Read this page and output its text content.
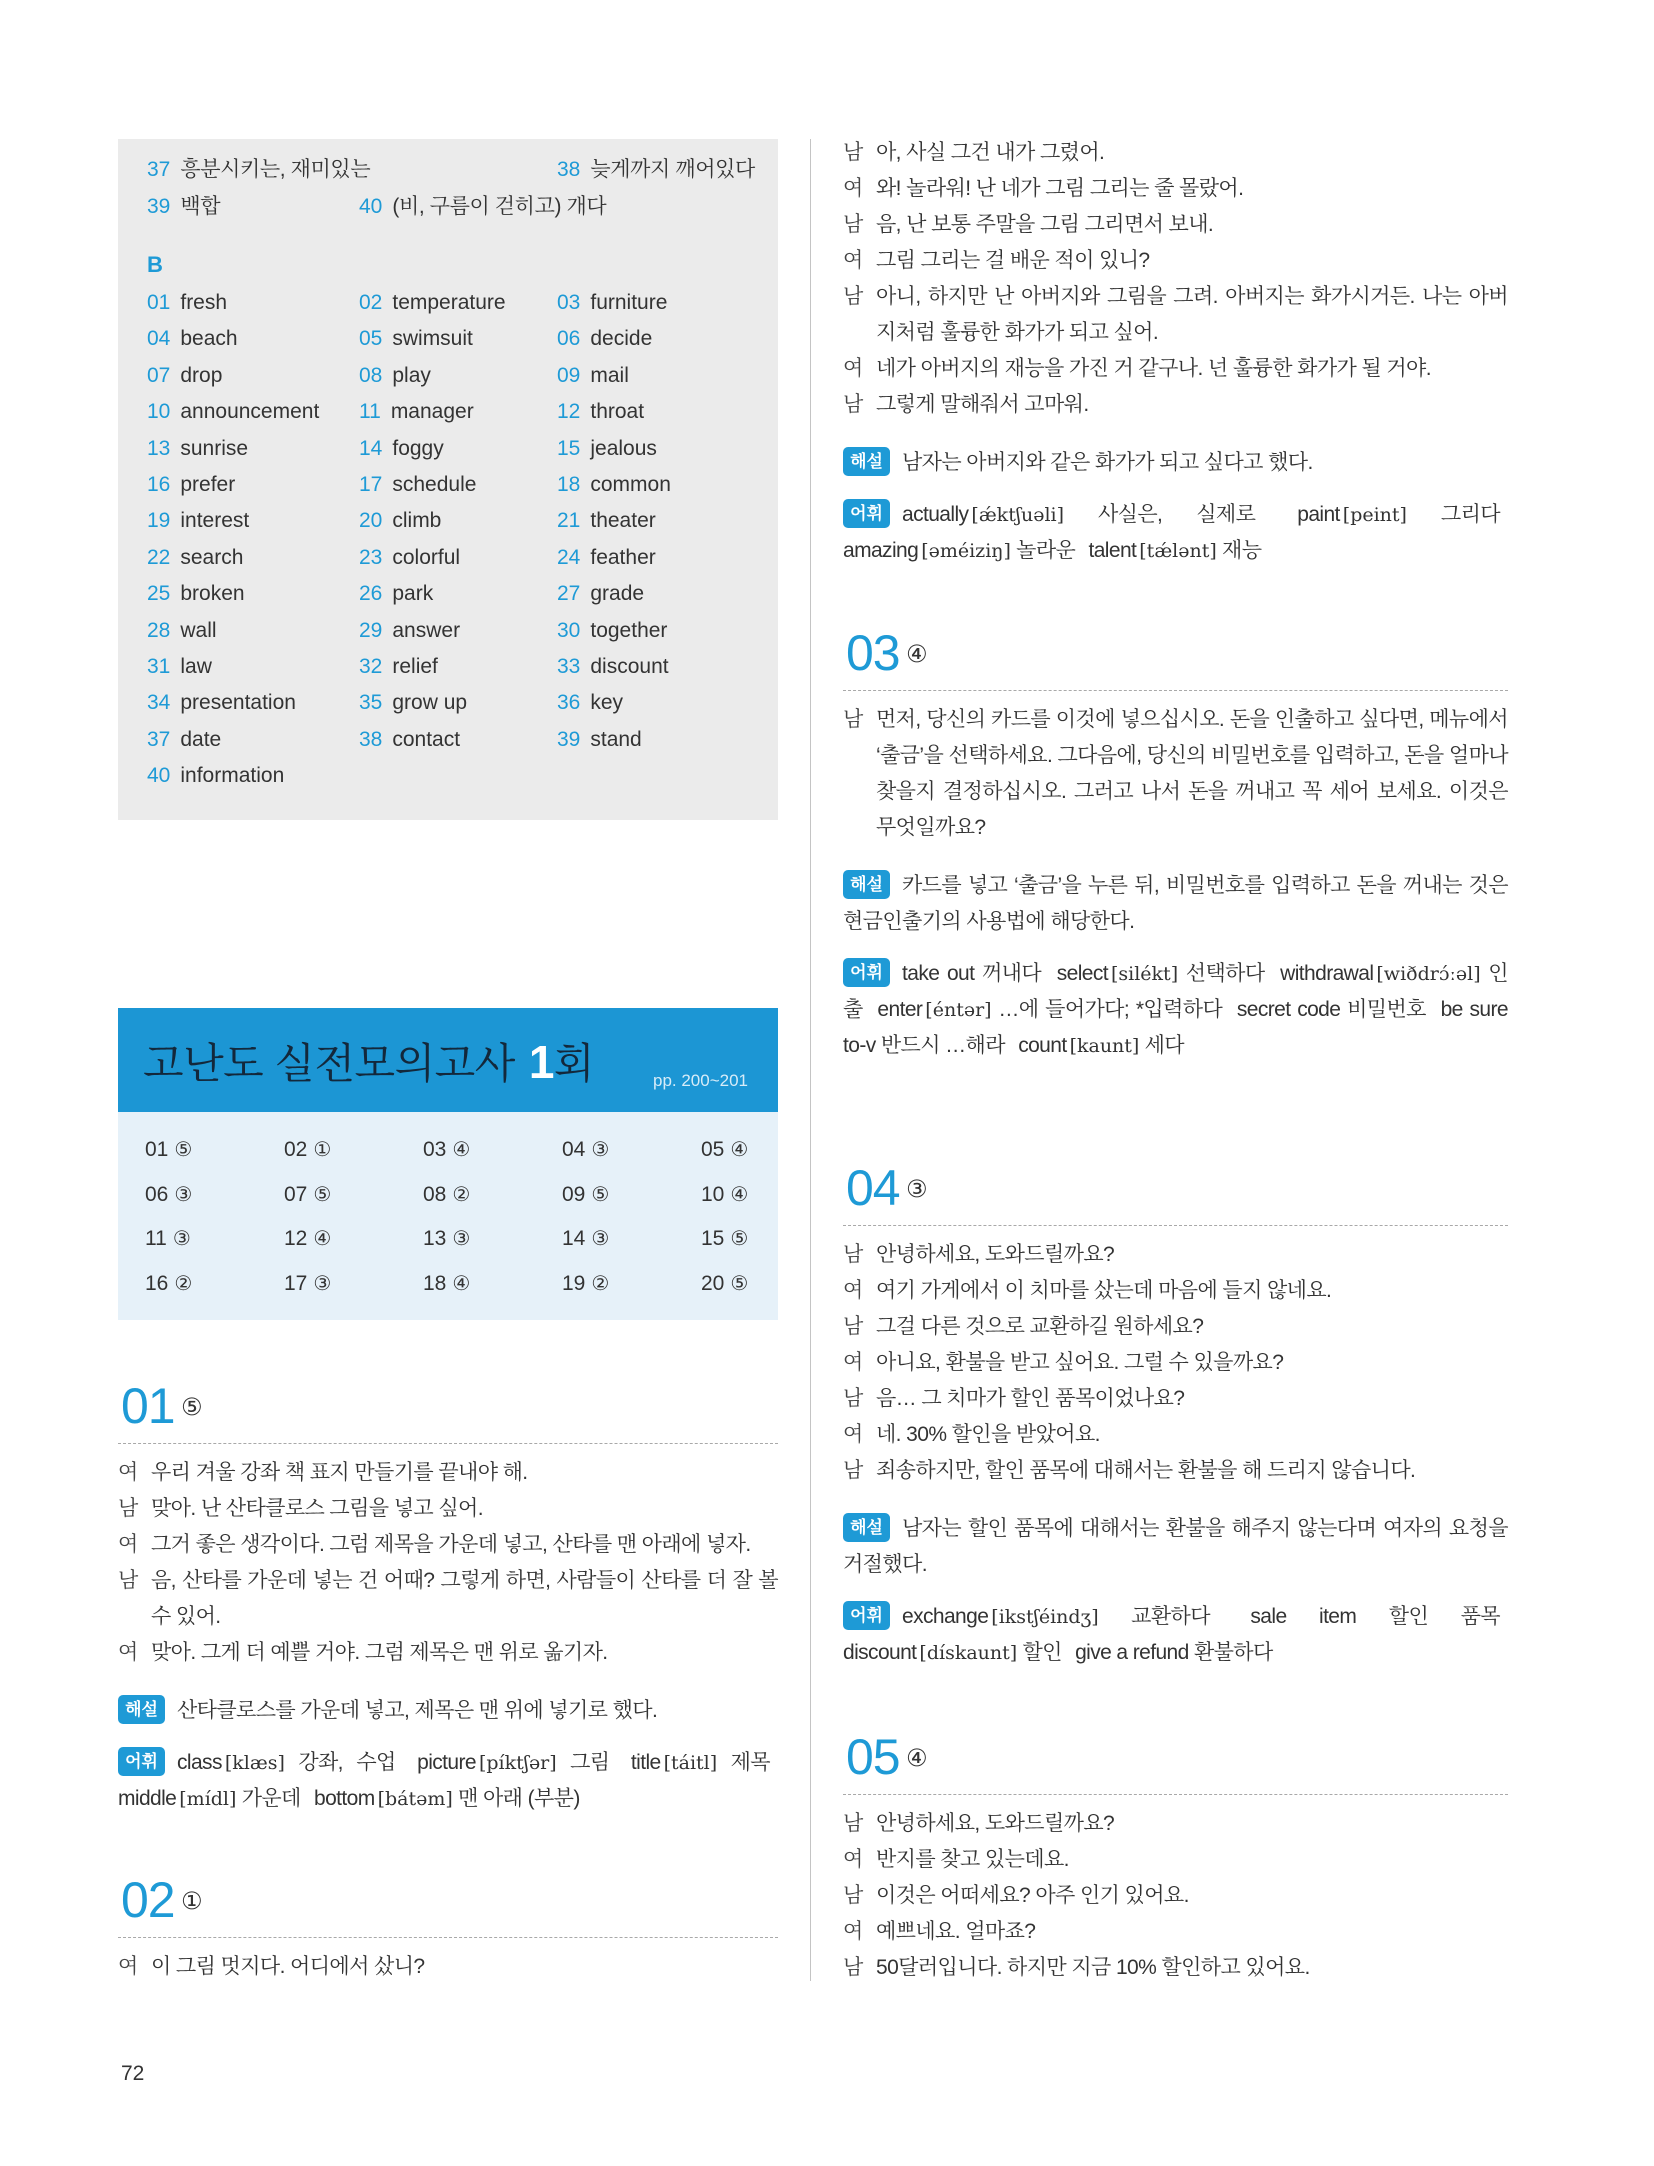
37 흥분시키는, 재미있는	38 늦게까지 깨어있다
39 백합	40 (비, 구름이 걷히고) 개다
B
01 fresh	02 temperature	03 furniture
04 beach	05 swimsuit	06 decide
07 drop	08 play	09 mail
10 announcement	11 manager	12 throat
13 sunrise	14 foggy	15 jealous
16 prefer	17 schedule	18 common
19 interest	20 climb	21 theater
22 search	23 colorful	24 feather
25 broken	26 park	27 grade
28 wall	29 answer	30 together
31 law	32 relief	33 discount
34 presentation	35 grow up	36 key
37 date	38 contact	39 stand
40 information
고난도 실전모의고사 1회	pp. 200~201
01 ⑤	02 ①	03 ④	04 ③	05 ④
06 ③	07 ⑤	08 ②	09 ⑤	10 ④
11 ③	12 ④	13 ③	14 ③	15 ⑤
16 ②	17 ③	18 ④	19 ②	20 ⑤
01 ⑤

여 우리 겨울 강좌 책 표지 만들기를 끝내야 해.

남 맞아. 난 산타클로스 그림을 넣고 싶어.

여 그거 좋은 생각이다. 그럼 제목을 가운데 넣고, 산타를 맨 아래에 넣자.

남 음, 산타를 가운데 넣는 건 어때? 그렇게 하면, 사람들이 산타를 더 잘 볼 수 있어.

여 맞아. 그게 더 예쁠 거야. 그럼 제목은 맨 위로 옮기자.

해설 산타클로스를 가운데 넣고, 제목은 맨 위에 넣기로 했다.

어휘 class [klæs] 강좌, 수업 picture [píktʃər] 그림 title [táitl] 제목 middle [mídl] 가운데 bottom [bátəm] 맨 아래 (부분)

02 ①

여 이 그림 멋지다. 어디에서 샀니?

남 아, 사실 그건 내가 그렸어.

여 와! 놀라워! 난 네가 그림 그리는 줄 몰랐어.

남 음, 난 보통 주말을 그림 그리면서 보내.

여 그림 그리는 걸 배운 적이 있니?

남 아니, 하지만 난 아버지와 그림을 그려. 아버지는 화가시거든. 나는 아버지처럼 훌륭한 화가가 되고 싶어.

여 네가 아버지의 재능을 가진 거 같구나. 넌 훌륭한 화가가 될 거야.

남 그렇게 말해줘서 고마워.

해설 남자는 아버지와 같은 화가가 되고 싶다고 했다.

어휘 actually [ǽktʃuəli] 사실은, 실제로 paint [peint] 그리다 amazing [əméiziŋ] 놀라운 talent [tǽlənt] 재능

03 ④

남 먼저, 당신의 카드를 이것에 넣으십시오. 돈을 인출하고 싶다면, 메뉴에서 ‘출금’을 선택하세요. 그다음에, 당신의 비밀번호를 입력하고, 돈을 얼마나 찾을지 결정하십시오. 그러고 나서 돈을 꺼내고 꼭 세어 보세요. 이것은 무엇일까요?

해설 카드를 넣고 ‘출금’을 누른 뒤, 비밀번호를 입력하고 돈을 꺼내는 것은 현금인출기의 사용법에 해당한다.

어휘 take out 꺼내다 select [silékt] 선택하다 withdrawal [wiðdrɔ́ːəl] 인출 enter [éntər] …에 들어가다; *입력하다 secret code 비밀번호 be sure to-v 반드시 …해라 count [kaunt] 세다

04 ③

남 안녕하세요, 도와드릴까요?

여 여기 가게에서 이 치마를 샀는데 마음에 들지 않네요.

남 그걸 다른 것으로 교환하길 원하세요?

여 아니요, 환불을 받고 싶어요. 그럴 수 있을까요?

남 음… 그 치마가 할인 품목이었나요?

여 네. 30% 할인을 받았어요.

남 죄송하지만, 할인 품목에 대해서는 환불을 해 드리지 않습니다.

해설 남자는 할인 품목에 대해서는 환불을 해주지 않는다며 여자의 요청을 거절했다.

어휘 exchange [ikstʃéindʒ] 교환하다 sale item 할인 품목 discount [dískaunt] 할인 give a refund 환불하다

05 ④

남 안녕하세요, 도와드릴까요?

여 반지를 찾고 있는데요.

남 이것은 어떠세요? 아주 인기 있어요.

여 예쁘네요. 얼마죠?

남 50달러입니다. 하지만 지금 10% 할인하고 있어요.

72
